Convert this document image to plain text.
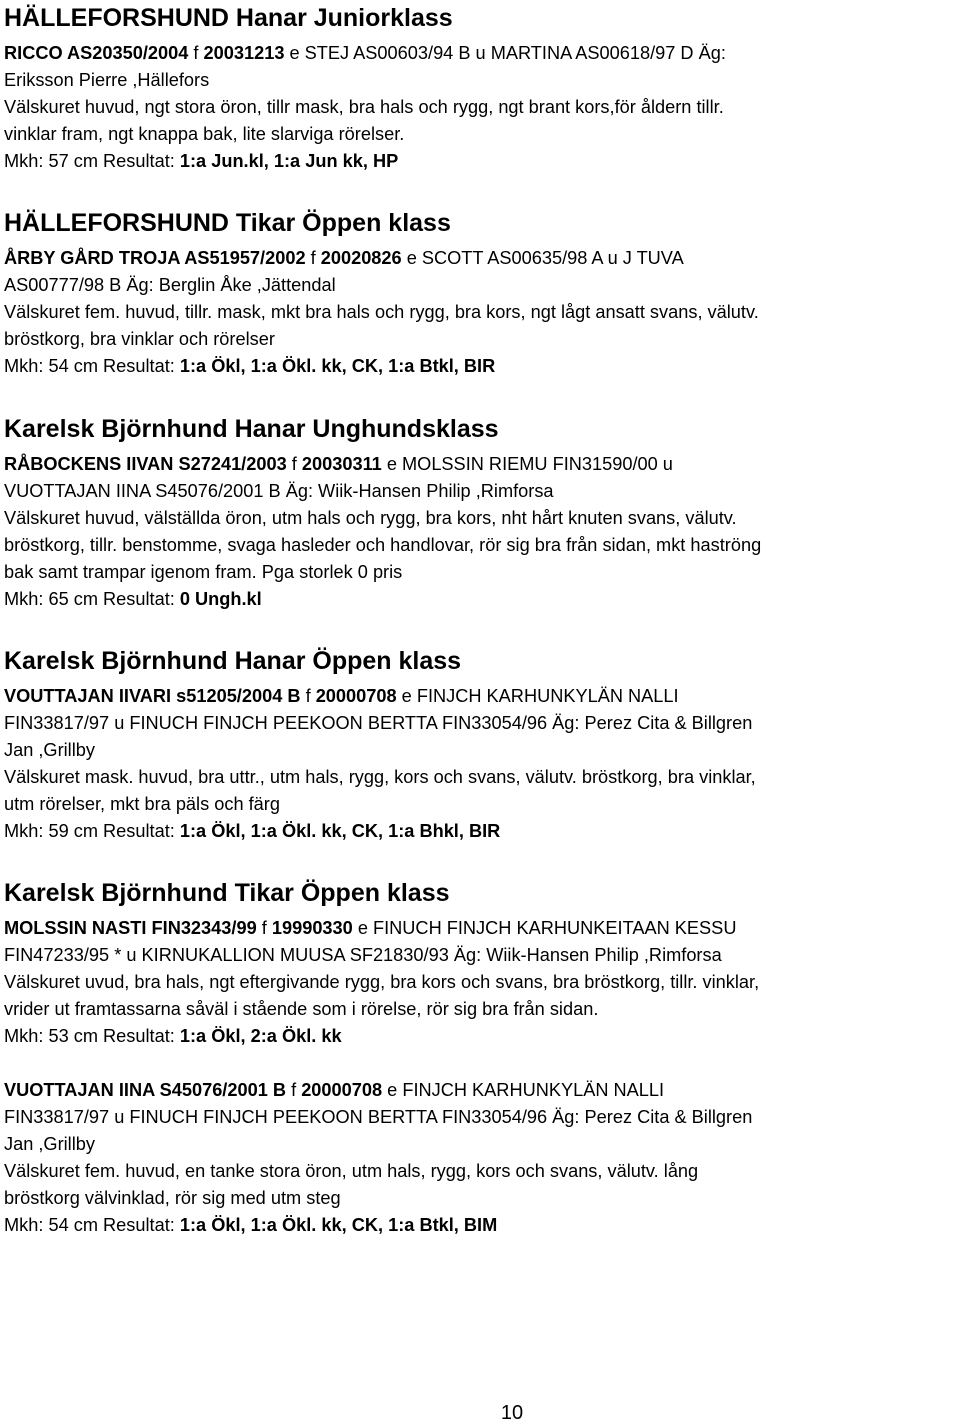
HÄLLEFORSHUND Hanar Juniorklass
RICCO AS20350/2004 f 20031213 e STEJ AS00603/94 B u MARTINA AS00618/97 D Äg:
Eriksson Pierre ,Hällefors
Välskuret huvud, ngt stora öron, tillr mask, bra hals och rygg, ngt brant kors,för åldern tillr.
vinklar fram, ngt knappa bak, lite slarviga rörelser.
Mkh: 57 cm Resultat: 1:a Jun.kl, 1:a Jun kk, HP
HÄLLEFORSHUND Tikar Öppen klass
ÅRBY GÅRD TROJA AS51957/2002 f 20020826 e SCOTT AS00635/98 A u J TUVA
AS00777/98 B Äg: Berglin Åke ,Jättendal
Välskuret fem. huvud, tillr. mask, mkt bra hals och rygg, bra kors, ngt lågt ansatt svans, välutv.
bröstkorg, bra vinklar och rörelser
Mkh: 54 cm Resultat: 1:a Ökl, 1:a Ökl. kk, CK, 1:a Btkl, BIR
Karelsk Björnhund Hanar Unghundsklass
RÅBOCKENS IIVAN S27241/2003 f 20030311 e MOLSSIN RIEMU FIN31590/00 u
VUOTTAJAN IINA S45076/2001 B Äg: Wiik-Hansen Philip ,Rimforsa
Välskuret huvud, välställda öron, utm hals och rygg, bra kors, nht hårt knuten svans, välutv.
bröstkorg, tillr. benstomme, svaga hasleder och handlovar, rör sig bra från sidan, mkt haströng
bak samt trampar igenom fram. Pga storlek 0 pris
Mkh: 65 cm Resultat: 0 Ungh.kl
Karelsk Björnhund Hanar Öppen klass
VOUTTAJAN IIVARI s51205/2004 B f 20000708 e FINJCH KARHUNKYLÄN NALLI
FIN33817/97 u FINUCH FINJCH PEEKOON BERTTA FIN33054/96 Äg: Perez Cita & Billgren
Jan ,Grillby
Välskuret mask. huvud, bra uttr., utm hals, rygg, kors och svans, välutv. bröstkorg, bra vinklar,
utm rörelser, mkt bra päls och färg
Mkh: 59 cm Resultat: 1:a Ökl, 1:a Ökl. kk, CK, 1:a Bhkl, BIR
Karelsk Björnhund Tikar Öppen klass
MOLSSIN NASTI FIN32343/99 f 19990330 e FINUCH FINJCH KARHUNKEITAAN KESSU
FIN47233/95 * u KIRNUKALLION MUUSA SF21830/93 Äg: Wiik-Hansen Philip ,Rimforsa
Välskuret uvud, bra hals, ngt eftergivande rygg, bra kors och svans, bra bröstkorg, tillr. vinklar,
vrider ut framtassarna såväl i stående som i rörelse, rör sig bra från sidan.
Mkh: 53 cm Resultat: 1:a Ökl, 2:a Ökl. kk
VUOTTAJAN IINA S45076/2001 B f 20000708 e FINJCH KARHUNKYLÄN NALLI
FIN33817/97 u FINUCH FINJCH PEEKOON BERTTA FIN33054/96 Äg: Perez Cita & Billgren
Jan ,Grillby
Välskuret fem. huvud, en tanke stora öron, utm hals, rygg, kors och svans, välutv. lång
bröstkorg välvinklad, rör sig med utm steg
Mkh: 54 cm Resultat: 1:a Ökl, 1:a Ökl. kk, CK, 1:a Btkl, BIM
10
